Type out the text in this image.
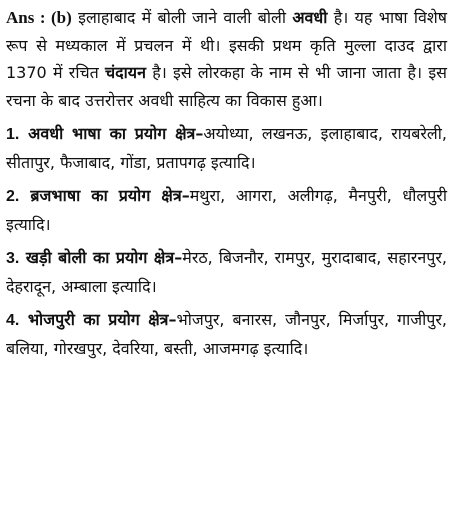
Ans : (b) इलाहाबाद में बोली जाने वाली बोली अवधी है। यह भाषा विशेष रूप से मध्यकाल में प्रचलन में थी। इसकी प्रथम कृति मुल्ला दाउद द्वारा 1370 में रचित चंदायन है। इसे लोरकहा के नाम से भी जाना जाता है। इस रचना के बाद उत्तरोत्तर अवधी साहित्य का विकास हुआ।

1. अवधी भाषा का प्रयोग क्षेत्र–अयोध्या, लखनऊ, इलाहाबाद, रायबरेली, सीतापुर, फैजाबाद, गोंडा, प्रतापगढ़ इत्यादि।

2. ब्रजभाषा का प्रयोग क्षेत्र–मथुरा, आगरा, अलीगढ़, मैनपुरी, धौलपुरी इत्यादि।

3. खड़ी बोली का प्रयोग क्षेत्र–मेरठ, बिजनौर, रामपुर, मुरादाबाद, सहारनपुर, देहरादून, अम्बाला इत्यादि।

4. भोजपुरी का प्रयोग क्षेत्र–भोजपुर, बनारस, जौनपुर, मिर्जापुर, गाजीपुर, बलिया, गोरखपुर, देवरिया, बस्ती, आजमगढ़ इत्यादि।
